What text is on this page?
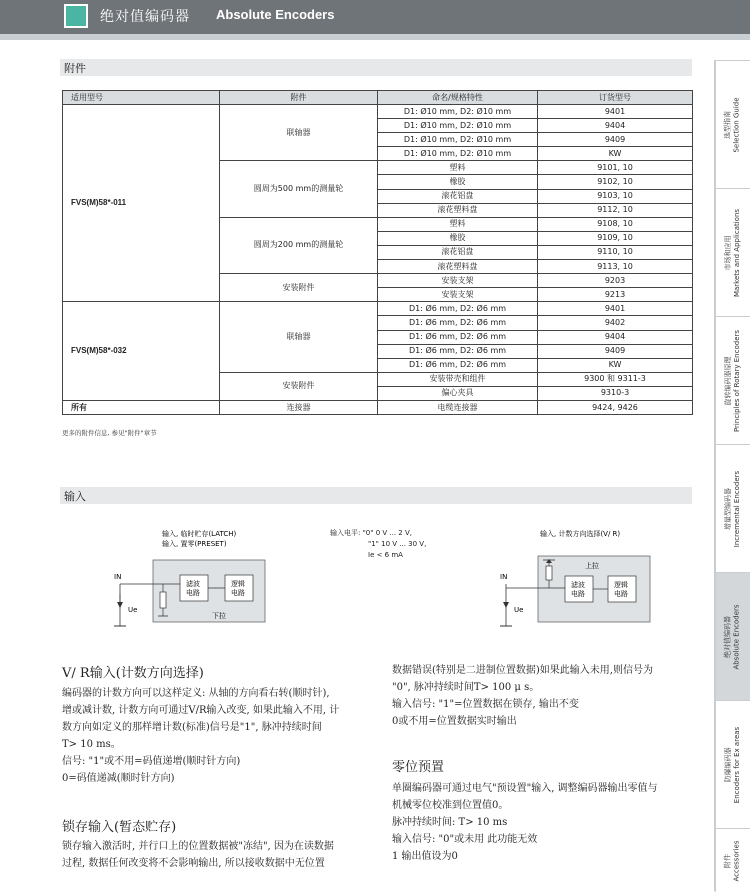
绝对值编码器 Absolute Encoders
附件
适用型号	附件	命名/规格特性	订货型号
FVS(M)58*-011	联轴器	D1: Ø10 mm, D2: Ø10 mm	9401
		D1: Ø10 mm, D2: Ø10 mm	9404
		D1: Ø10 mm, D2: Ø10 mm	9409
		D1: Ø10 mm, D2: Ø10 mm	KW
	圆周为500 mm的测量轮	塑料	9101, 10
		橡胶	9102, 10
		滚花铝盘	9103, 10
		滚花塑料盘	9112, 10
	圆周为200 mm的测量轮	塑料	9108, 10
		橡胶	9109, 10
		滚花铝盘	9110, 10
		滚花塑料盘	9113, 10
	安装附件	安装支架	9203
		安装支架	9213
FVS(M)58*-032	联轴器	D1: Ø6 mm, D2: Ø6 mm	9401
		D1: Ø6 mm, D2: Ø6 mm	9402
		D1: Ø6 mm, D2: Ø6 mm	9404
		D1: Ø6 mm, D2: Ø6 mm	9409
		D1: Ø6 mm, D2: Ø6 mm	KW
	安装附件	安装带壳和组件	9300 和 9311-3
		偏心夹具	9310-3
所有	连接器	电缆连接器	9424, 9426
更多的附件信息, 参见"附件"章节
输入
输入, 临时贮存(LATCH)
输入, 置零(PRESET)
IN
Ue
滤波
电路
逻辑
电路
下拉
输入电平: "0" 0 V ... 2 V,
"1" 10 V ... 30 V,
Ie < 6 mA
输入, 计数方向选择(V/ R)
IN
Ue
上拉
滤波
电路
逻辑
电路
V/ R输入(计数方向选择)
编码器的计数方向可以这样定义: 从轴的方向看右转(顺时针),
增或减计数, 计数方向可通过V/R输入改变, 如果此输入不用, 计
数方向如定义的那样增计数(标准)信号是"1", 脉冲持续时间
T> 10 ms。
信号: "1"或不用=码值递增(顺时针方向)
0=码值递减(顺时针方向)
锁存输入(暂态贮存)
锁存输入激活时, 并行口上的位置数据被"冻结", 因为在读数据
过程, 数据任何改变将不会影响输出, 所以接收数据中无位置
数据错误(特别是二进制位置数据)如果此输入未用,则信号为
"0", 脉冲持续时间T> 100 μ s。
输入信号: "1"=位置数据在锁存, 输出不变
0或不用=位置数据实时输出
零位预置
单圈编码器可通过电气"预设置"输入, 调整编码器输出零值与
机械零位校准到位置值0。
脉冲持续时间: T> 10 ms
输入信号: "0"或未用 此功能无效
1 输出值设为0
选型指南 Selection Guide
市场和应用 Markets and Applications
旋转编码器原理 Principles of Rotary Encoders
增量型编码器 Incremental Encoders
绝对值编码器 Absolute Encoders
防爆编码器 Encoders for Ex areas
附件 Accessories
